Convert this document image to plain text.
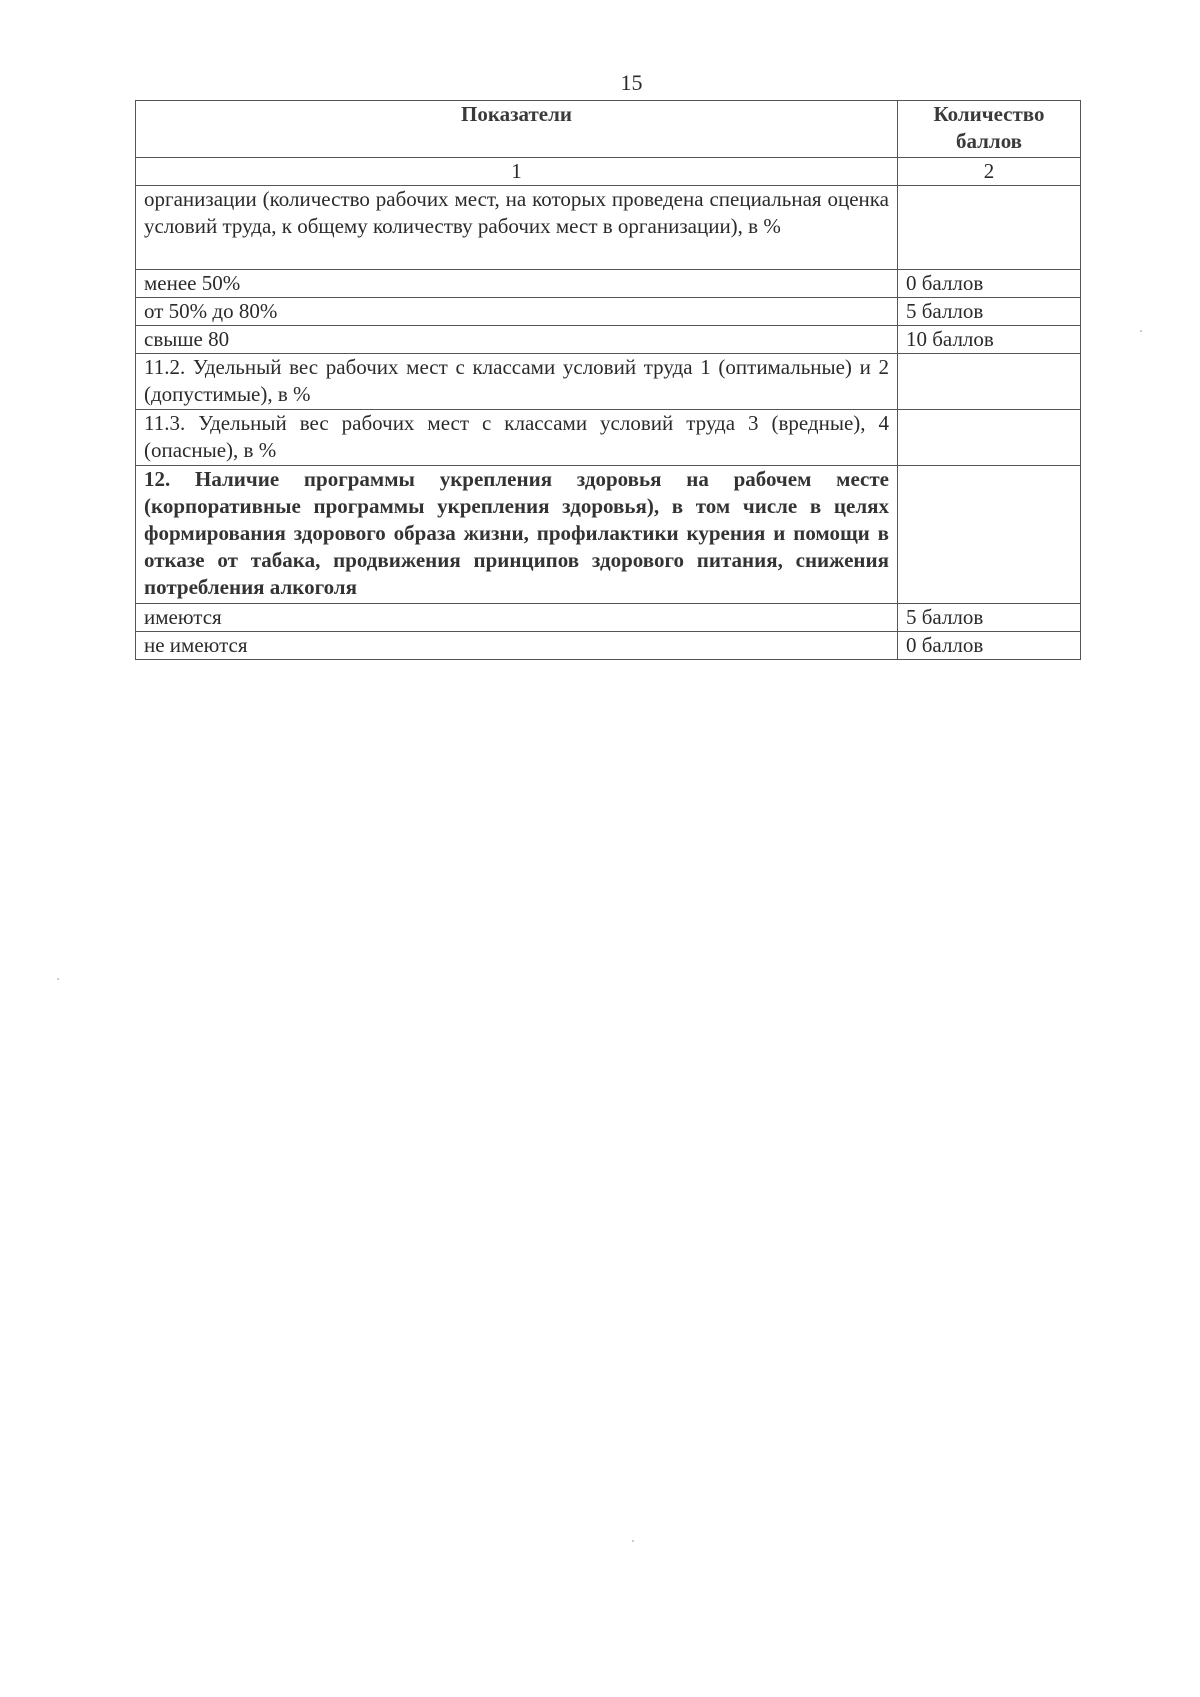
15
Показатели	Количество баллов
1	2
организации (количество рабочих мест, на которых проведена специальная оценка условий труда, к общему количеству рабочих мест в организации), в %	
менее 50%	0 баллов
от 50% до 80%	5 баллов
свыше 80	10 баллов
11.2. Удельный вес рабочих мест с классами условий труда 1 (оптимальные) и 2 (допустимые), в %	
11.3. Удельный вес рабочих мест с классами условий труда 3 (вредные), 4 (опасные), в %	
12. Наличие программы укрепления здоровья на рабочем месте (корпоративные программы укрепления здоровья), в том числе в целях формирования здорового образа жизни, профилактики курения и помощи в отказе от табака, продвижения принципов здорового питания, снижения потребления алкоголя	
имеются	5 баллов
не имеются	0 баллов
